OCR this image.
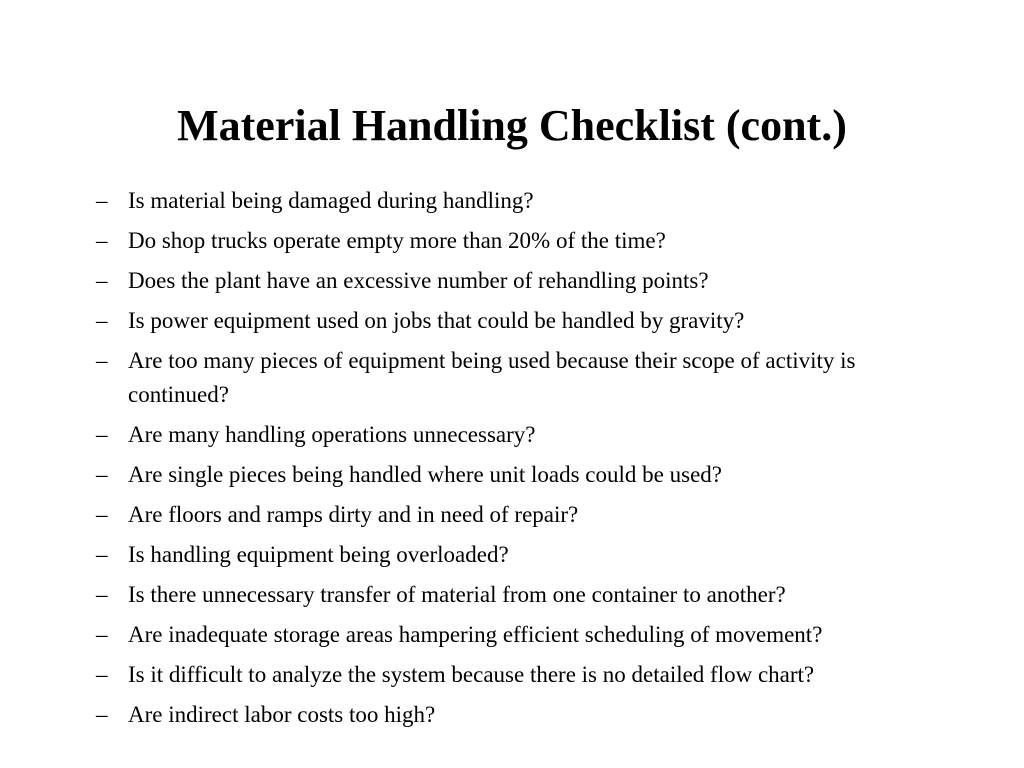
Material Handling Checklist (cont.)
– Is material being damaged during handling?
– Do shop trucks operate empty more than 20% of the time?
– Does the plant have an excessive number of rehandling points?
– Is power equipment used on jobs that could be handled by gravity?
– Are too many pieces of equipment being used because their scope of activity is continued?
– Are many handling operations unnecessary?
– Are single pieces being handled where unit loads could be used?
– Are floors and ramps dirty and in need of repair?
– Is handling equipment being overloaded?
– Is there unnecessary transfer of material from one container to another?
– Are inadequate storage areas hampering efficient scheduling of movement?
– Is it difficult to analyze the system because there is no detailed flow chart?
– Are indirect labor costs too high?
